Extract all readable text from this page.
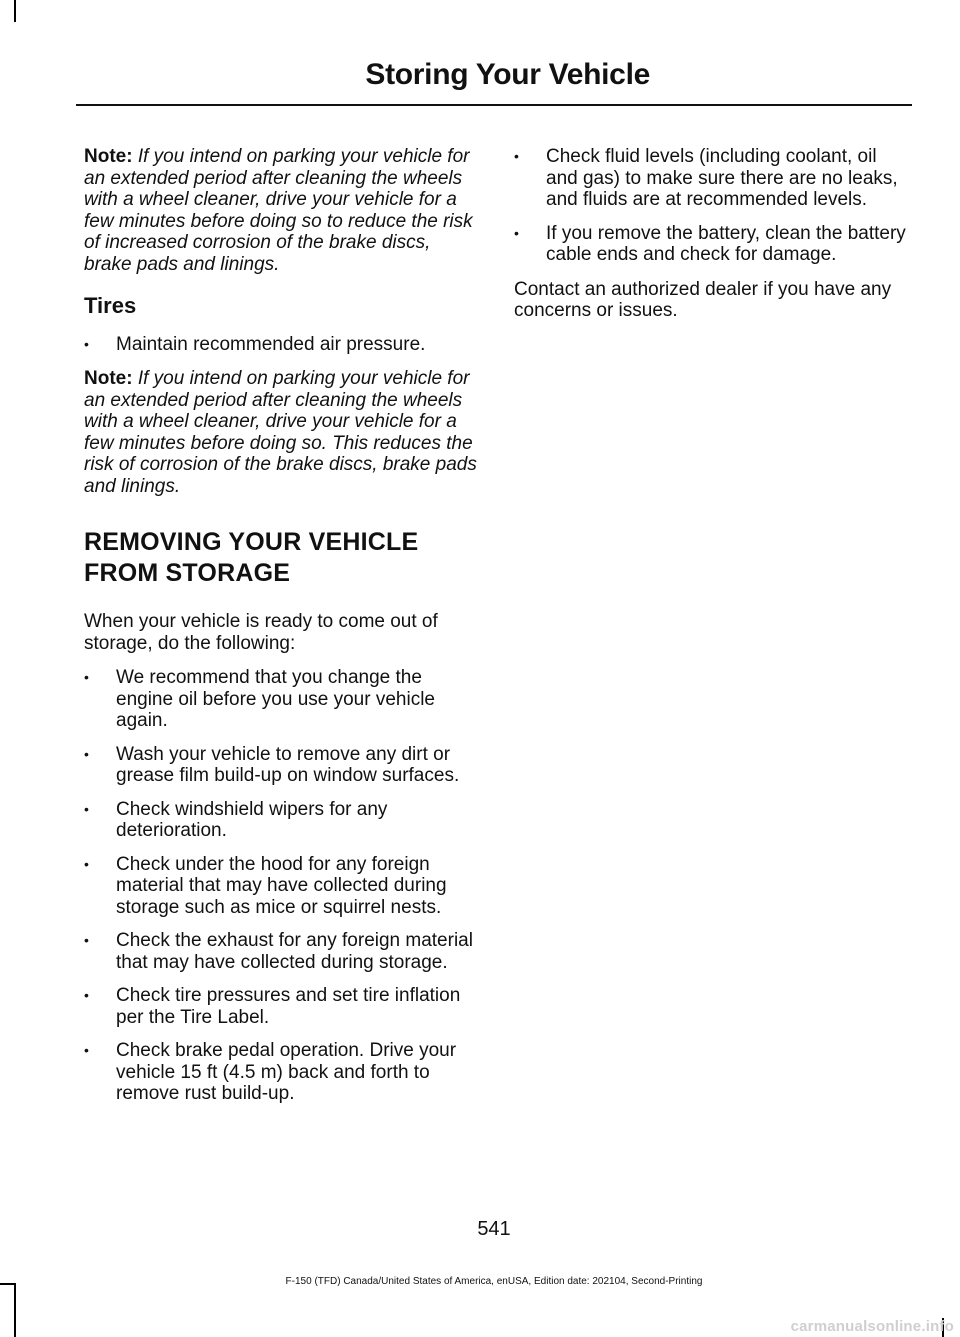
Storing Your Vehicle

Note: If you intend on parking your vehicle for an extended period after cleaning the wheels with a wheel cleaner, drive your vehicle for a few minutes before doing so to reduce the risk of increased corrosion of the brake discs, brake pads and linings.

Tires
• Maintain recommended air pressure.

Note: If you intend on parking your vehicle for an extended period after cleaning the wheels with a wheel cleaner, drive your vehicle for a few minutes before doing so. This reduces the risk of corrosion of the brake discs, brake pads and linings.

REMOVING YOUR VEHICLE FROM STORAGE

When your vehicle is ready to come out of storage, do the following:

• We recommend that you change the engine oil before you use your vehicle again.
• Wash your vehicle to remove any dirt or grease film build-up on window surfaces.
• Check windshield wipers for any deterioration.
• Check under the hood for any foreign material that may have collected during storage such as mice or squirrel nests.
• Check the exhaust for any foreign material that may have collected during storage.
• Check tire pressures and set tire inflation per the Tire Label.
• Check brake pedal operation. Drive your vehicle 15 ft (4.5 m) back and forth to remove rust build-up.
• Check fluid levels (including coolant, oil and gas) to make sure there are no leaks, and fluids are at recommended levels.
• If you remove the battery, clean the battery cable ends and check for damage.

Contact an authorized dealer if you have any concerns or issues.

541
F-150 (TFD) Canada/United States of America, enUSA, Edition date: 202104, Second-Printing
carmanualsonline.info
